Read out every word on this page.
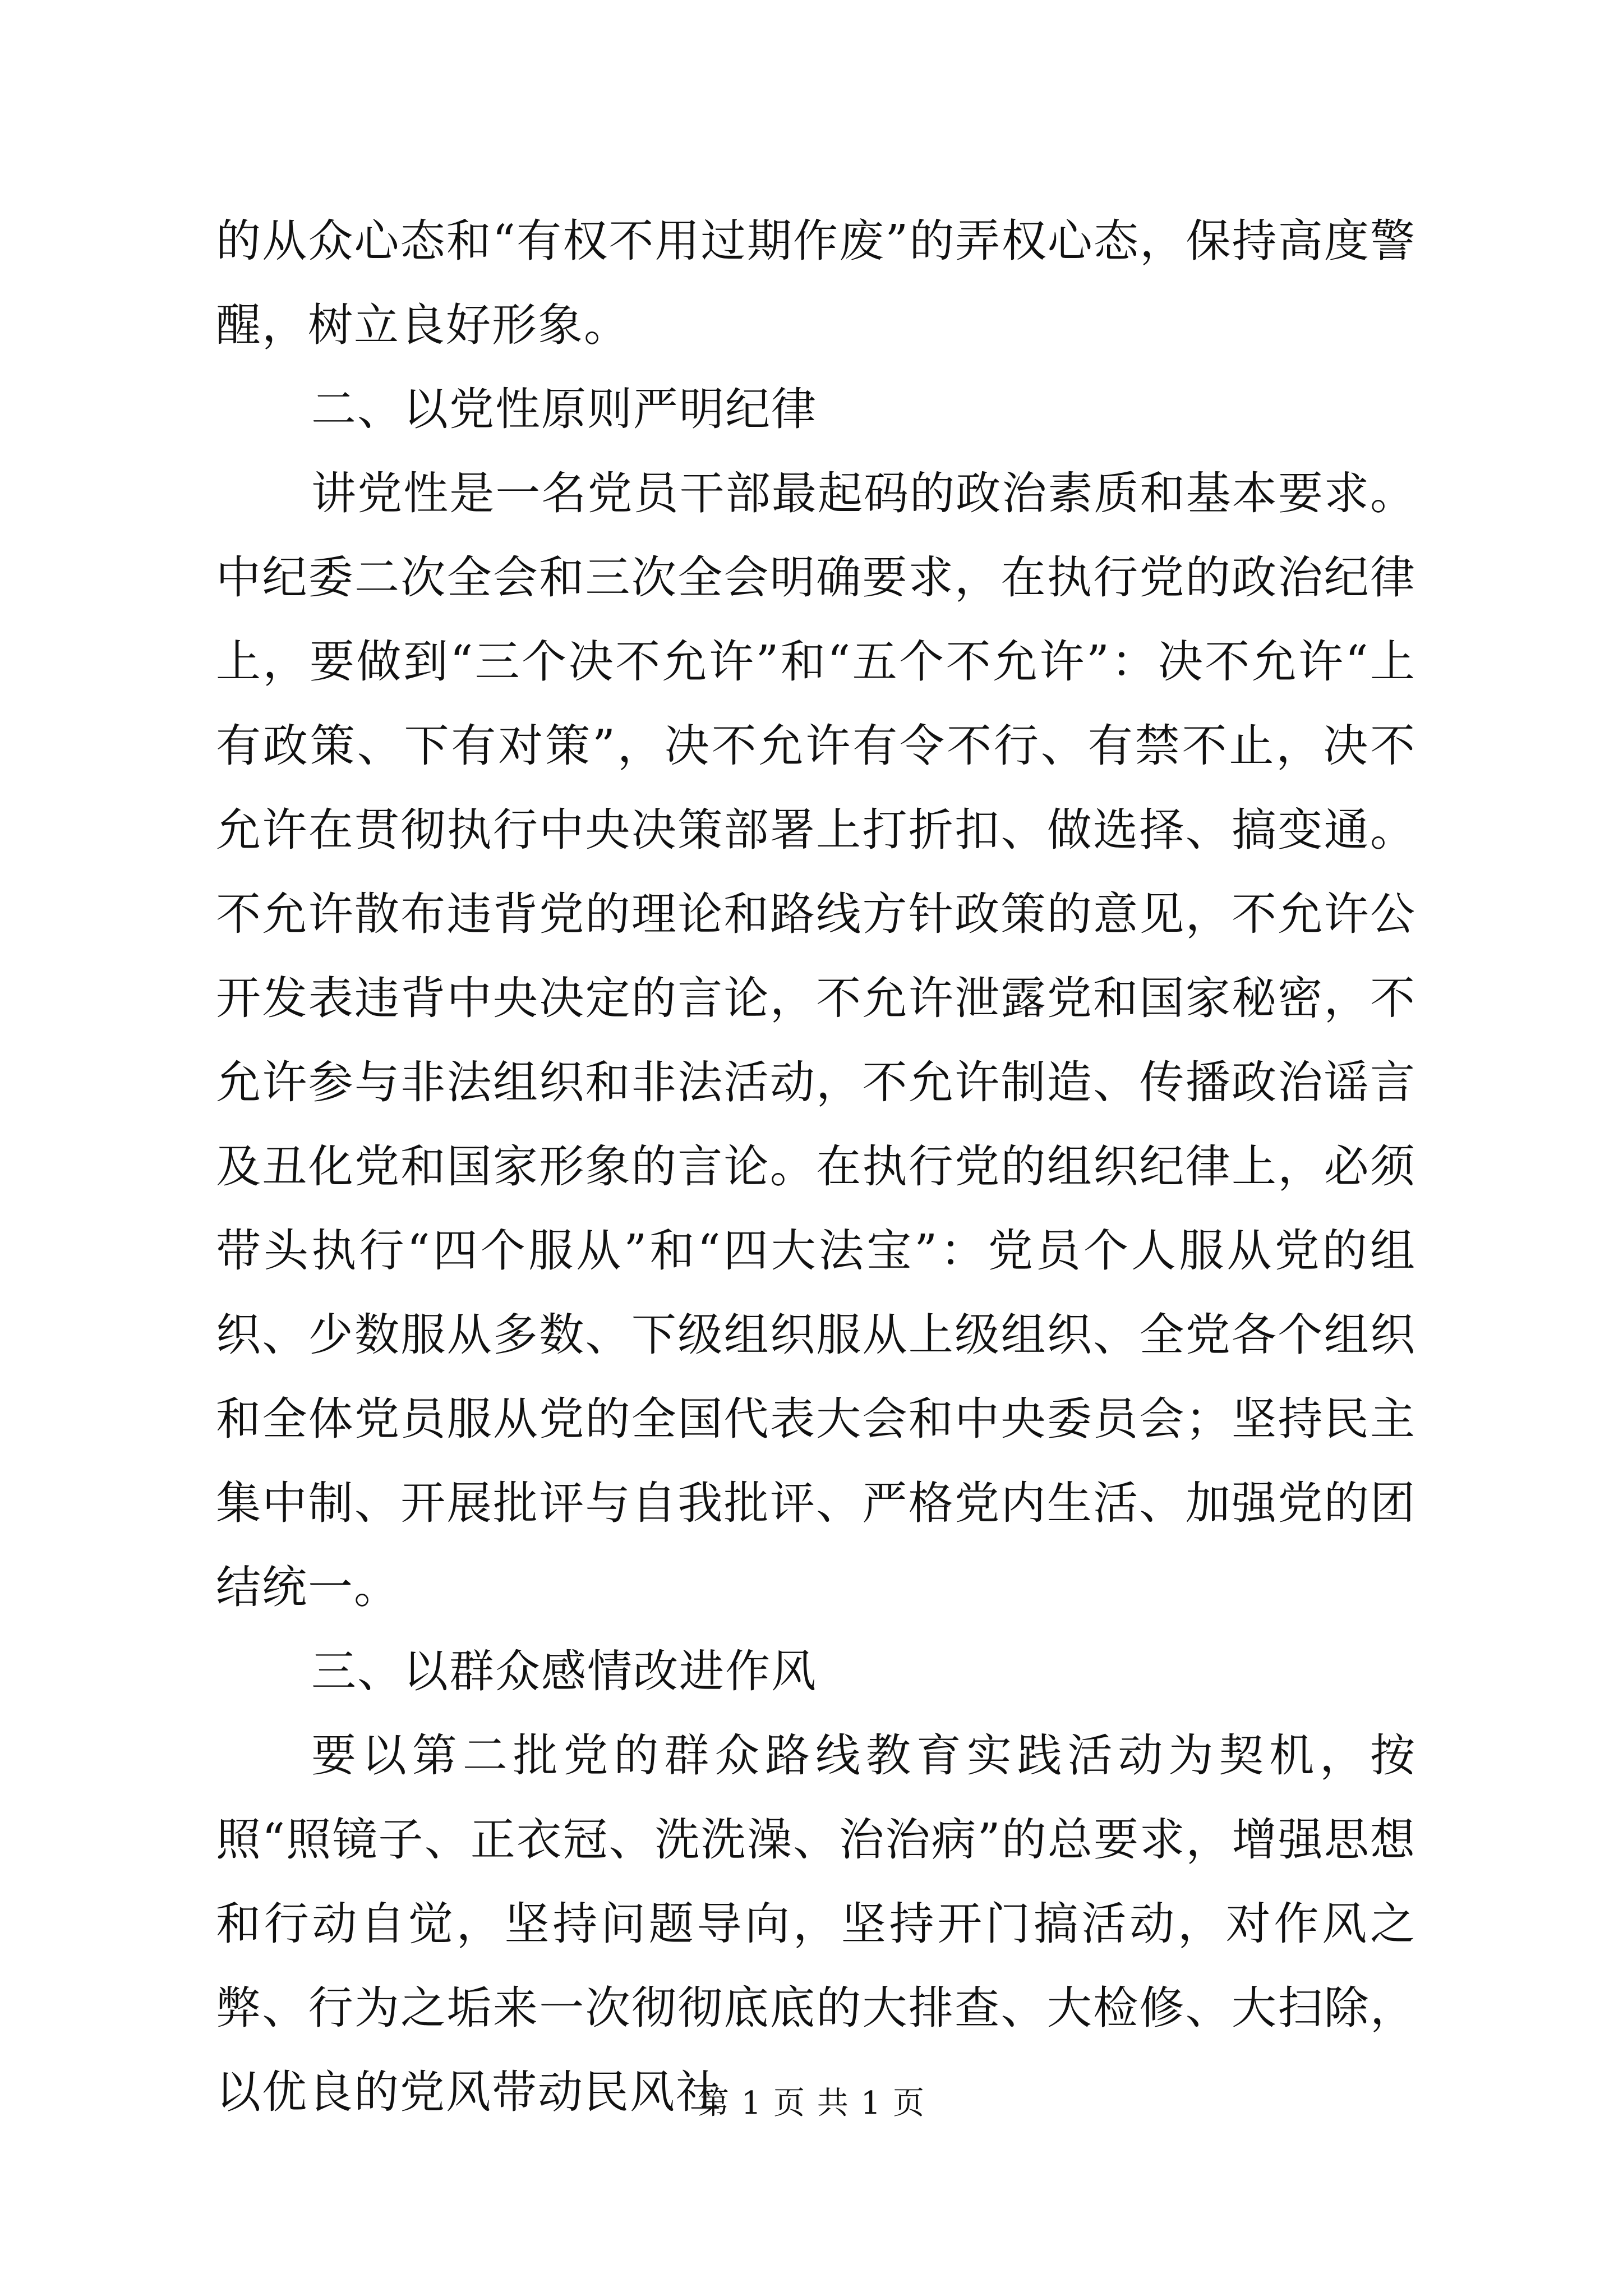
的从众心态和“有权不用过期作废”的弄权心态，保持高度警醒，树立良好形象。

二、以党性原则严明纪律

讲党性是一名党员干部最起码的政治素质和基本要求。中纪委二次全会和三次全会明确要求，在执行党的政治纪律上，要做到“三个决不允许”和“五个不允许”：决不允许“上有政策、下有对策”，决不允许有令不行、有禁不止，决不允许在贯彻执行中央决策部署上打折扣、做选择、搞变通。不允许散布违背党的理论和路线方针政策的意见，不允许公开发表违背中央决定的言论，不允许泄露党和国家秘密，不允许参与非法组织和非法活动，不允许制造、传播政治谣言及丑化党和国家形象的言论。在执行党的组织纪律上，必须带头执行“四个服从”和“四大法宝”：党员个人服从党的组织、少数服从多数、下级组织服从上级组织、全党各个组织和全体党员服从党的全国代表大会和中央委员会；坚持民主集中制、开展批评与自我批评、严格党内生活、加强党的团结统一。

三、以群众感情改进作风

要以第二批党的群众路线教育实践活动为契机，按照“照镜子、正衣冠、洗洗澡、治治病”的总要求，增强思想和行动自觉，坚持问题导向，坚持开门搞活动，对作风之弊、行为之垢来一次彻彻底底的大排查、大检修、大扫除，以优良的党风带动民风社

第 1 页 共 1 页
